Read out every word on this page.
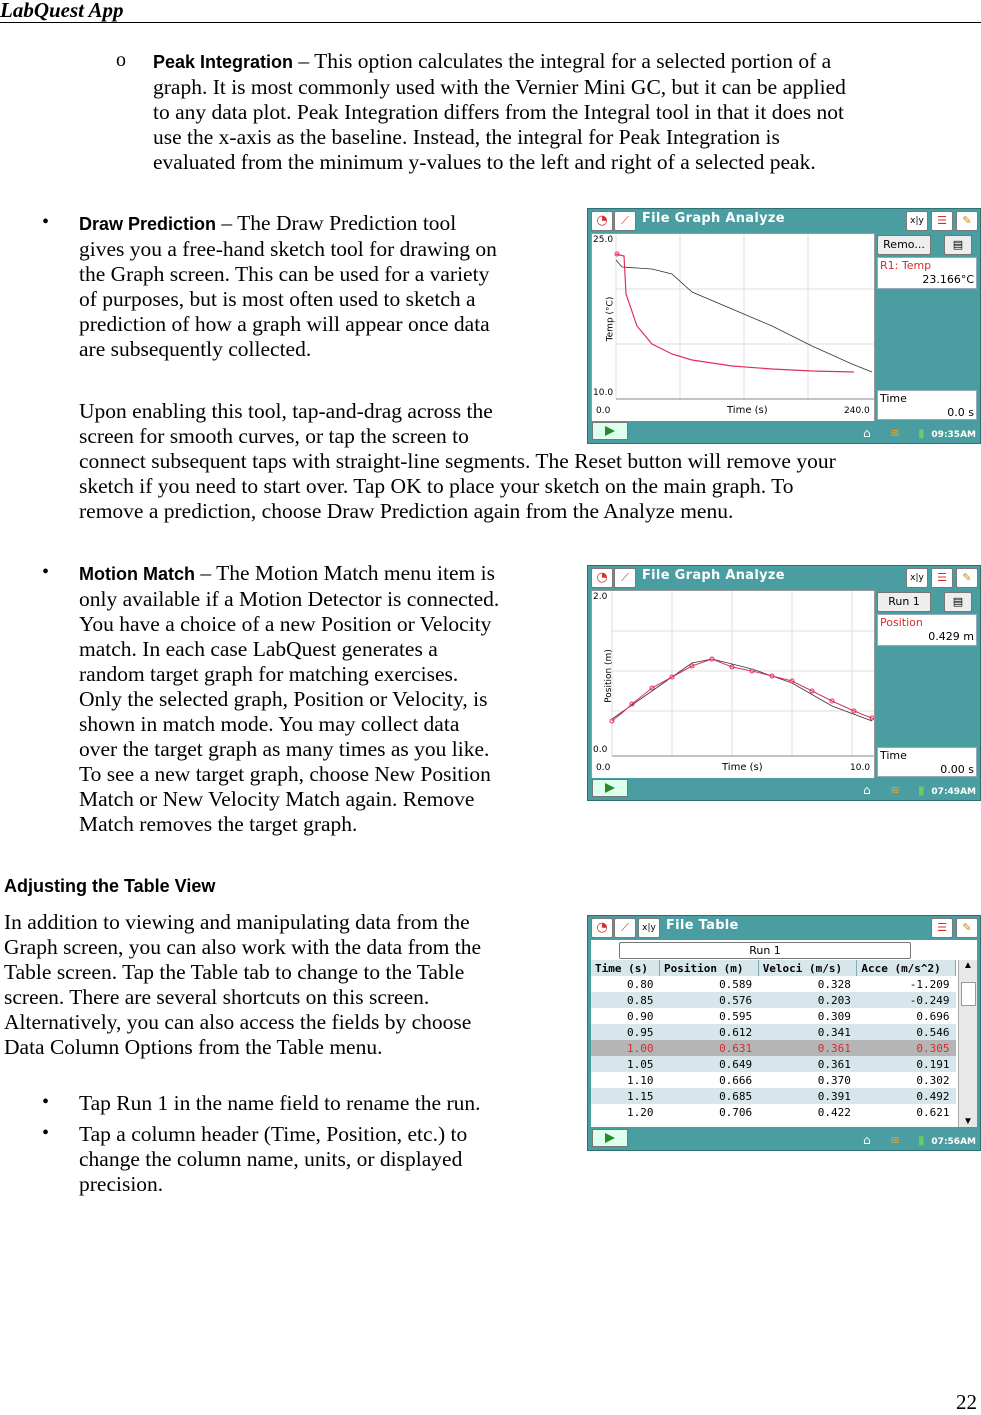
LabQuest App
o Peak Integration – This option calculates the integral for a selected portion of a
graph. It is most commonly used with the Vernier Mini GC, but it can be applied
to any data plot. Peak Integration differs from the Integral tool in that it does not
use the x-axis as the baseline. Instead, the integral for Peak Integration is
evaluated from the minimum y-values to the left and right of a selected peak.
• Draw Prediction – The Draw Prediction tool
gives you a free-hand sketch tool for drawing on
the Graph screen. This can be used for a variety
of purposes, but is most often used to sketch a
prediction of how a graph will appear once data
are subsequently collected.
Upon enabling this tool, tap-and-drag across the
screen for smooth curves, or tap the screen to
connect subsequent taps with straight-line segments. The Reset button will remove your
sketch if you need to start over. Tap OK to place your sketch on the main graph. To
remove a prediction, choose Draw Prediction again from the Analyze menu.
◔	⟋	File Graph Analyze	x|y	☰	✎
25.0
10.0
Temp (°C)
0.0	Time (s)	240.0
Remo...	▤
R1: Temp
23.166°C
Time
0.0 s
⌂ ≋ ▮ 09:35AM
• Motion Match – The Motion Match menu item is
only available if a Motion Detector is connected.
You have a choice of a new Position or Velocity
match. In each case LabQuest generates a
random target graph for matching exercises.
Only the selected graph, Position or Velocity, is
shown in match mode. You may collect data
over the target graph as many times as you like.
To see a new target graph, choose New Position
Match or New Velocity Match again. Remove
Match removes the target graph.
◔	⟋	File Graph Analyze	x|y	☰	✎
2.0
0.0
Position (m)
0.0	Time (s)	10.0
Run 1	▤
Position
0.429 m
Time
0.00 s
⌂ ≋ ▮ 07:49AM
Adjusting the Table View
In addition to viewing and manipulating data from the
Graph screen, you can also work with the data from the
Table screen. Tap the Table tab to change to the Table
screen. There are several shortcuts on this screen.
Alternatively, you can also access the fields by choose
Data Column Options from the Table menu.
• Tap Run 1 in the name field to rename the run.
• Tap a column header (Time, Position, etc.) to
change the column name, units, or displayed
precision.
◔	⟋	x|y File Table	☰	✎
Run 1
Time (s)	Position (m)	Veloci (m/s)	Acce (m/s^2)
0.80	0.589	0.328	-1.209
0.85	0.576	0.203	-0.249
0.90	0.595	0.309	0.696
0.95	0.612	0.341	0.546
1.00	0.631	0.361	0.305
1.05	0.649	0.361	0.191
1.10	0.666	0.370	0.302
1.15	0.685	0.391	0.492
1.20	0.706	0.422	0.621
▲
▼
⌂ ≋ ▮ 07:56AM
22
